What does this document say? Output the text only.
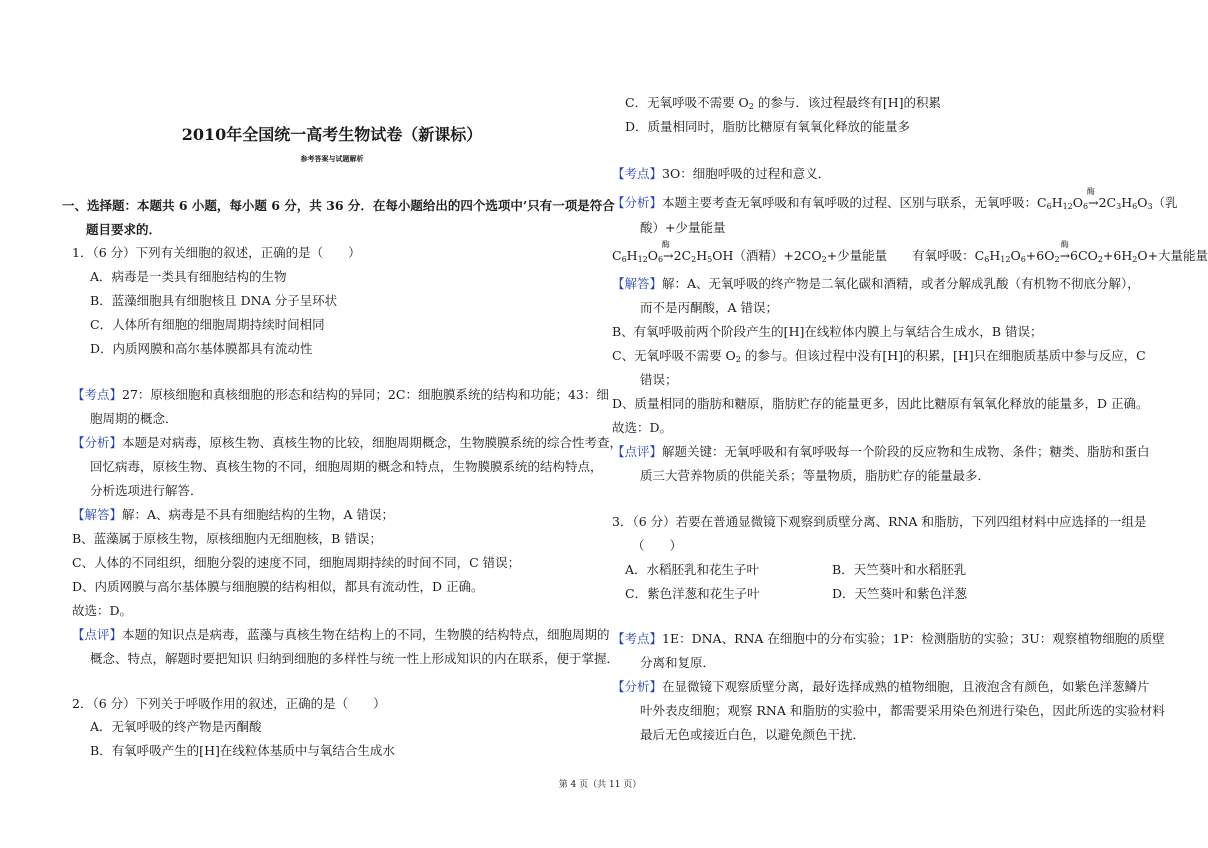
2010年全国统一高考生物试卷（新课标）
参考答案与试题解析
一、选择题：本题共 6 小题，每小题 6 分，共 36 分．在每小题给出的四个选项中’只有一项是符合
题目要求的．
1．（6 分）下列有关细胞的叙述，正确的是（　　）
A．病毒是一类具有细胞结构的生物
B．蓝藻细胞具有细胞核且 DNA 分子呈环状
C．人体所有细胞的细胞周期持续时间相同
D．内质网膜和高尔基体膜都具有流动性
【考点】27：原核细胞和真核细胞的形态和结构的异同；2C：细胞膜系统的结构和功能；43：细
胞周期的概念．
【分析】本题是对病毒，原核生物、真核生物的比较，细胞周期概念，生物膜膜系统的综合性考查，
回忆病毒，原核生物、真核生物的不同，细胞周期的概念和特点，生物膜膜系统的结构特点，
分析选项进行解答．
【解答】解：A、病毒是不具有细胞结构的生物，A 错误；
B、蓝藻属于原核生物，原核细胞内无细胞核，B 错误；
C、人体的不同组织，细胞分裂的速度不同，细胞周期持续的时间不同，C 错误；
D、内质网膜与高尔基体膜与细胞膜的结构相似，都具有流动性，D 正确。
故选：D。
【点评】本题的知识点是病毒，蓝藻与真核生物在结构上的不同，生物膜的结构特点，细胞周期的
概念、特点，解题时要把知识 归纳到细胞的多样性与统一性上形成知识的内在联系，便于掌握．
2．（6 分）下列关于呼吸作用的叙述，正确的是（　　）
A．无氧呼吸的终产物是丙酮酸
B．有氧呼吸产生的[H]在线粒体基质中与氧结合生成水
C．无氧呼吸不需要 $O_2$ 的参与．该过程最终有[H]的积累
D．质量相同时，脂肪比糖原有氧氧化释放的能量多
【考点】3O：细胞呼吸的过程和意义．
【分析】本题主要考查无氧呼吸和有氧呼吸的过程、区别与联系，无氧呼吸：$C_6H_{12}O$
酶
$_6\to 2C_3H_6O_3$（乳
酸）+少量能量
$C_6H_{12}O$
酶
$_6\to 2C_2H_5OH$（酒精）$+2CO_2+$少量能量　　有氧呼吸：$C_6H_{12}O_6+6O_2$
酶
$\to 6CO_2+6H_2O+$大量能量
【解答】解：A、无氧呼吸的终产物是二氧化碳和酒精，或者分解成乳酸（有机物不彻底分解），
而不是丙酮酸，A 错误；
B、有氧呼吸前两个阶段产生的[H]在线粒体内膜上与氧结合生成水，B 错误；
C、无氧呼吸不需要 $O_2$ 的参与。但该过程中没有[H]的积累，[H]只在细胞质基质中参与反应，C
错误；
D、质量相同的脂肪和糖原，脂肪贮存的能量更多，因此比糖原有氧氧化释放的能量多，D 正确。
故选：D。
【点评】解题关键：无氧呼吸和有氧呼吸每一个阶段的反应物和生成物、条件；糖类、脂肪和蛋白
质三大营养物质的供能关系；等量物质，脂肪贮存的能量最多．
3．（6 分）若要在普通显微镜下观察到质壁分离、RNA 和脂肪，下列四组材料中应选择的一组是
（　　）
A．水稻胚乳和花生子叶	B．天竺葵叶和水稻胚乳
C．紫色洋葱和花生子叶	D．天竺葵叶和紫色洋葱
【考点】1E：DNA、RNA 在细胞中的分布实验；1P：检测脂肪的实验；3U：观察植物细胞的质壁
分离和复原．
【分析】在显微镜下观察质壁分离，最好选择成熟的植物细胞，且液泡含有颜色，如紫色洋葱鳞片
叶外表皮细胞；观察 RNA 和脂肪的实验中，都需要采用染色剂进行染色，因此所选的实验材料
最后无色或接近白色，以避免颜色干扰．
第 4 页（共 11 页）
